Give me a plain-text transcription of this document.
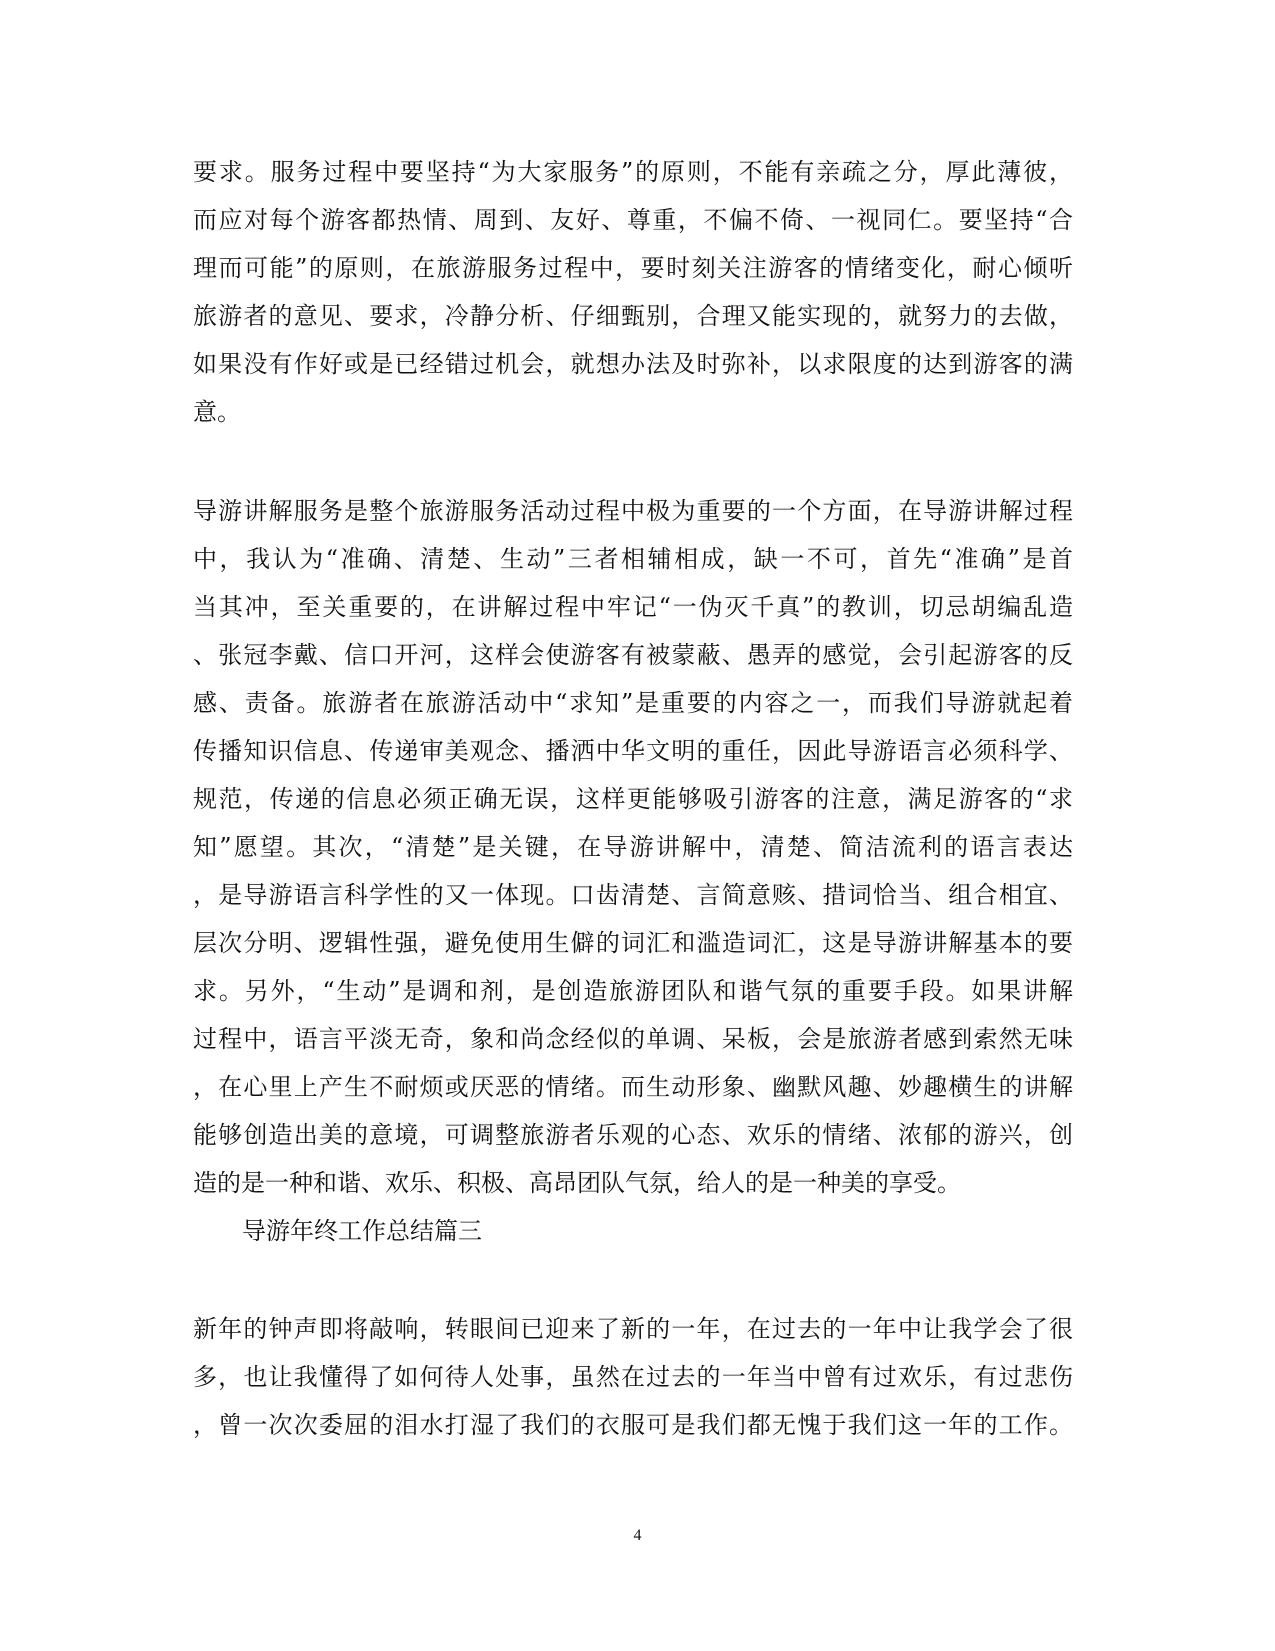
要求。服务过程中要坚持“为大家服务”的原则，不能有亲疏之分，厚此薄彼，
而应对每个游客都热情、周到、友好、尊重，不偏不倚、一视同仁。要坚持“合
理而可能”的原则，在旅游服务过程中，要时刻关注游客的情绪变化，耐心倾听
旅游者的意见、要求，冷静分析、仔细甄别，合理又能实现的，就努力的去做，
如果没有作好或是已经错过机会，就想办法及时弥补，以求限度的达到游客的满
意。
导游讲解服务是整个旅游服务活动过程中极为重要的一个方面，在导游讲解过程
中，我认为“准确、清楚、生动”三者相辅相成，缺一不可，首先“准确”是首
当其冲，至关重要的，在讲解过程中牢记“一伪灭千真”的教训，切忌胡编乱造
、张冠李戴、信口开河，这样会使游客有被蒙蔽、愚弄的感觉，会引起游客的反
感、责备。旅游者在旅游活动中“求知”是重要的内容之一，而我们导游就起着
传播知识信息、传递审美观念、播洒中华文明的重任，因此导游语言必须科学、
规范，传递的信息必须正确无误，这样更能够吸引游客的注意，满足游客的“求
知”愿望。其次，“清楚”是关键，在导游讲解中，清楚、简洁流利的语言表达
，是导游语言科学性的又一体现。口齿清楚、言简意赅、措词恰当、组合相宜、
层次分明、逻辑性强，避免使用生僻的词汇和滥造词汇，这是导游讲解基本的要
求。另外，“生动”是调和剂，是创造旅游团队和谐气氛的重要手段。如果讲解
过程中，语言平淡无奇，象和尚念经似的单调、呆板，会是旅游者感到索然无味
，在心里上产生不耐烦或厌恶的情绪。而生动形象、幽默风趣、妙趣横生的讲解
能够创造出美的意境，可调整旅游者乐观的心态、欢乐的情绪、浓郁的游兴，创
造的是一种和谐、欢乐、积极、高昂团队气氛，给人的是一种美的享受。
导游年终工作总结篇三
新年的钟声即将敲响，转眼间已迎来了新的一年，在过去的一年中让我学会了很
多，也让我懂得了如何待人处事，虽然在过去的一年当中曾有过欢乐，有过悲伤
，曾一次次委屈的泪水打湿了我们的衣服可是我们都无愧于我们这一年的工作。
4
